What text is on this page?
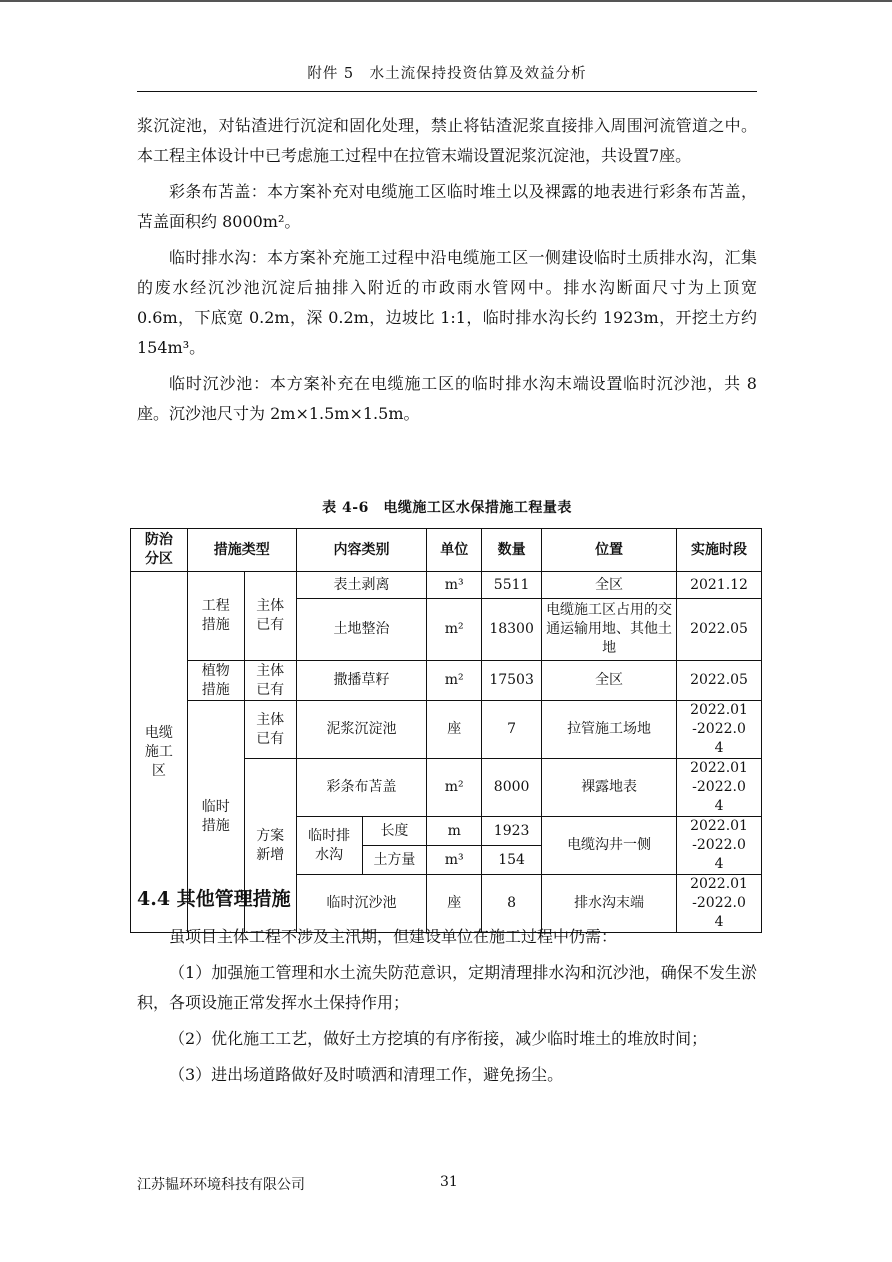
附件 5　水土流保持投资估算及效益分析

浆沉淀池，对钻渣进行沉淀和固化处理，禁止将钻渣泥浆直接排入周围河流管道之中。本工程主体设计中已考虑施工过程中在拉管末端设置泥浆沉淀池，共设置7座。

彩条布苫盖：本方案补充对电缆施工区临时堆土以及裸露的地表进行彩条布苫盖，苫盖面积约 8000m²。

临时排水沟：本方案补充施工过程中沿电缆施工区一侧建设临时土质排水沟，汇集的废水经沉沙池沉淀后抽排入附近的市政雨水管网中。排水沟断面尺寸为上顶宽 0.6m，下底宽 0.2m，深 0.2m，边坡比 1:1，临时排水沟长约 1923m，开挖土方约 154m³。

临时沉沙池：本方案补充在电缆施工区的临时排水沟末端设置临时沉沙池，共 8 座。沉沙池尺寸为 2m×1.5m×1.5m。

表 4-6　电缆施工区水保措施工程量表
防治分区	措施类型		内容类别		单位	数量	位置	实施时段
电缆施工区	工程措施	主体已有	表土剥离		m³	5511	全区	2021.12
			土地整治		m²	18300	电缆施工区占用的交通运输用地、其他土地	2022.05
	植物措施	主体已有	撒播草籽		m²	17503	全区	2022.05
	临时措施	主体已有	泥浆沉淀池		座	7	拉管施工场地	2022.01-2022.04
		方案新增	彩条布苫盖		m²	8000	裸露地表	2022.01-2022.04
			临时排水沟	长度	m	1923	电缆沟井一侧	2022.01-2022.04
				土方量	m³	154		
			临时沉沙池		座	8	排水沟末端	2022.01-2022.04
4.4 其他管理措施

虽项目主体工程不涉及主汛期，但建设单位在施工过程中仍需：

（1）加强施工管理和水土流失防范意识，定期清理排水沟和沉沙池，确保不发生淤积，各项设施正常发挥水土保持作用；

（2）优化施工工艺，做好土方挖填的有序衔接，减少临时堆土的堆放时间；

（3）进出场道路做好及时喷洒和清理工作，避免扬尘。

江苏韫环环境科技有限公司	31
